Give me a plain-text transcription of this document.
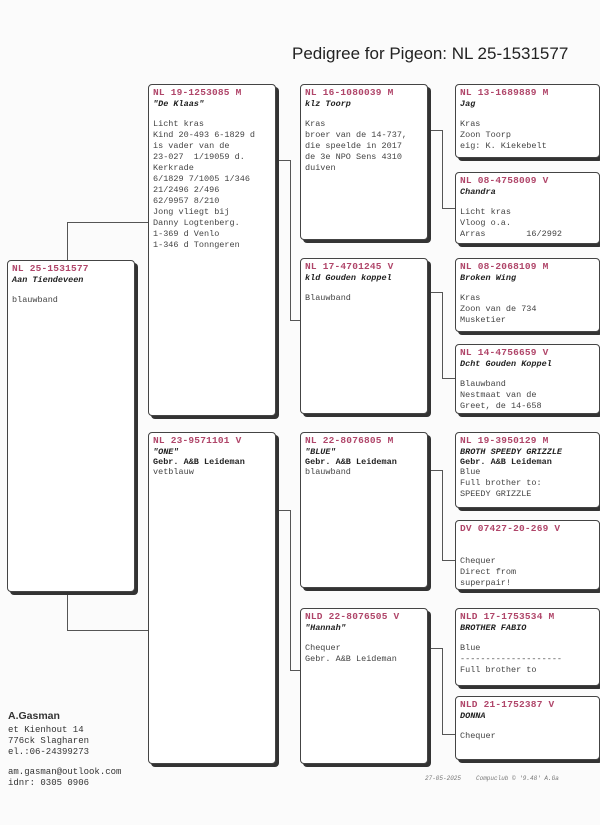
Pedigree for Pigeon: NL 25-1531577
NL 25-1531577
Aan Tiendeveen
blauwband
NL 19-1253085 M
"De Klaas"
Licht kras
Kind 20-493 6-1829 d
is vader van de
23-027  1/19059 d.
Kerkrade
6/1829 7/1005 1/346
21/2496 2/496
62/9957 8/210
Jong vliegt bij
Danny Logtenberg.
1-369 d Venlo
1-346 d Tonngeren
NL 23-9571101 V
"ONE"
Gebr. A&B Leideman
vetblauw
NL 16-1080039 M
klz Toorp
Kras
broer van de 14-737,
die speelde in 2017
de 3e NPO Sens 4310
duiven
NL 17-4701245 V
kld Gouden koppel
Blauwband
NL 22-8076805 M
"BLUE"
Gebr. A&B Leideman
blauwband
NLD 22-8076505 V
"Hannah"
Chequer
Gebr. A&B Leideman
NL 13-1689889 M
Jag
Kras
Zoon Toorp
eig: K. Kiekebelt
NL 08-4758009 V
Chandra
Licht kras
Vloog o.a.
Arras        16/2992
NL 08-2068109 M
Broken Wing
Kras
Zoon van de 734
Musketier
NL 14-4756659 V
Dcht Gouden Koppel
Blauwband
Nestmaat van de
Greet, de 14-658
NL 19-3950129 M
BROTH SPEEDY GRIZZLE
Gebr. A&B Leideman
Blue
Full brother to:
SPEEDY GRIZZLE
DV 07427-20-269 V
Chequer
Direct from
superpair!
NLD 17-1753534 M
BROTHER FABIO
Blue
--------------------
Full brother to
NLD 21-1752387 V
DONNA
Chequer
A.Gasman
et Kienhout 14
776ck Slagharen
el.:06-24399273
am.gasman@outlook.com
idnr: 0305 0906	27-05-2025 Compuclub © '9.48' A.Ga
